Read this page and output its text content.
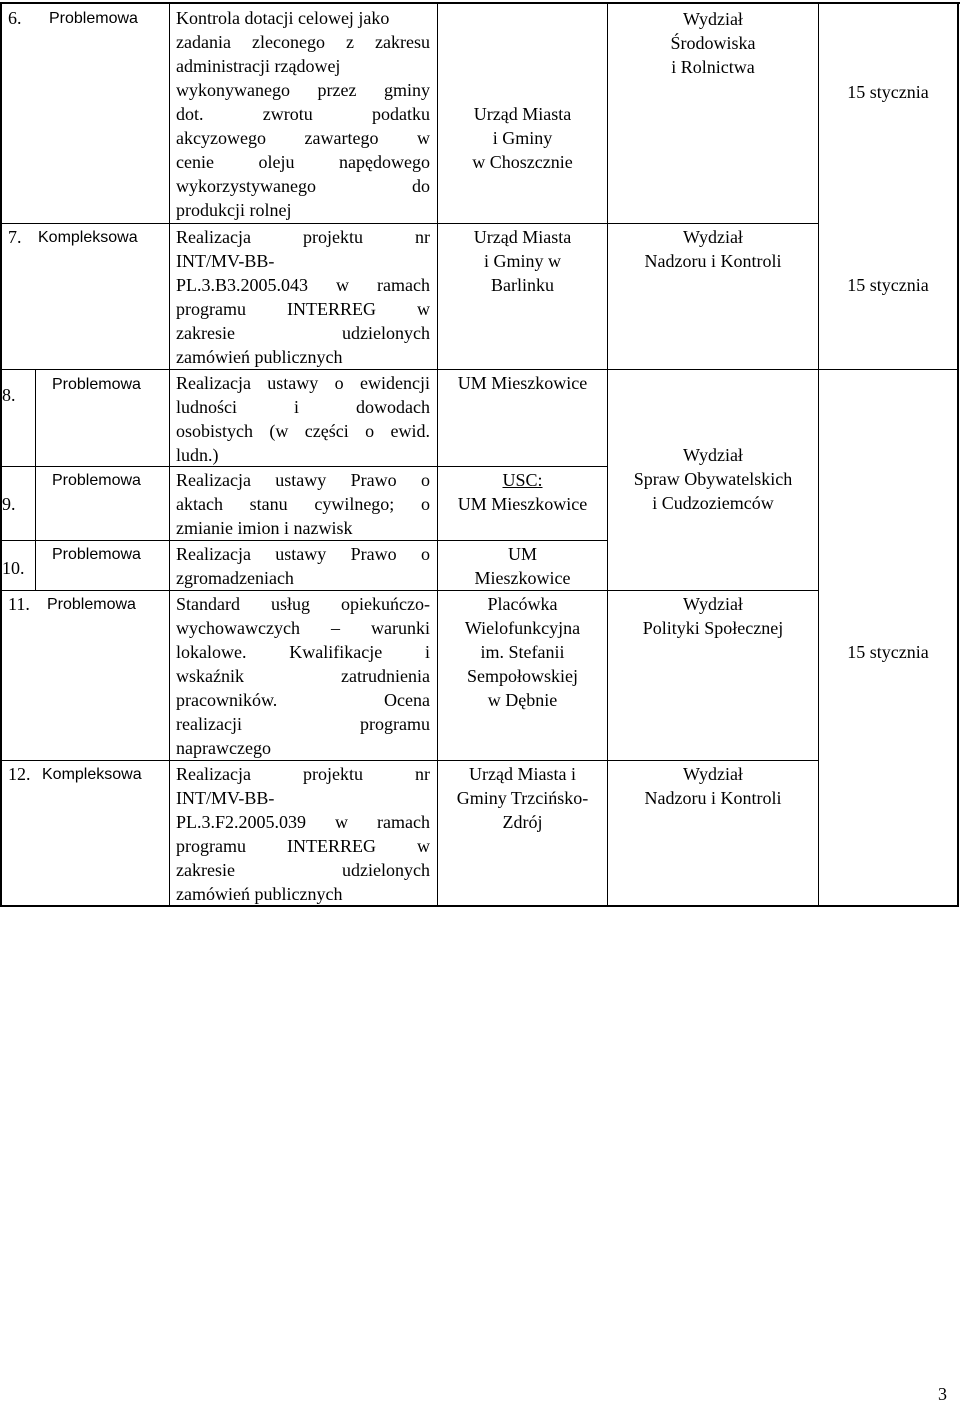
6. Problemowa Kontrola dotacji celowej jako
zadania zleconego z zakresu
administracji rządowej
wykonywanego przez gminy
dot. zwrotu podatku
akcyzowego zawartego w
cenie oleju napędowego
wykorzystywanego do
produkcji rolnej
Urząd Miasta
i Gminy
w Choszcznie
7. Kompleksowa Realizacja projektu nr
INT/MV-BB-
PL.3.B3.2005.043 w ramach
programu INTERREG w
zakresie udzielonych
zamówień publicznych
Urząd Miasta
i Gminy w
Barlinku
8.
Problemowa Realizacja ustawy o ewidencji
ludności i dowodach
osobistych (w części o ewid.
ludn.)
UM Mieszkowice
9.
Problemowa Realizacja ustawy Prawo o
aktach stanu cywilnego; o
zmianie imion i nazwisk
USC:
UM Mieszkowice
10.
Problemowa Realizacja ustawy Prawo o
zgromadzeniach
UM
Mieszkowice
11. Problemowa Standard usług opiekuńczo-
wychowawczych – warunki
lokalowe. Kwalifikacje i
wskaźnik zatrudnienia
pracowników. Ocena
realizacji programu
naprawczego
Placówka
Wielofunkcyjna
im. Stefanii
Sempołowskiej
w Dębnie
12. Kompleksowa Realizacja projektu nr
INT/MV-BB-
PL.3.F2.2005.039 w ramach
programu INTERREG w
zakresie udzielonych
zamówień publicznych
Urząd Miasta i
Gminy Trzcińsko-
Zdrój
Wydział
Środowiska
i Rolnictwa
Wydział
Nadzoru i Kontroli
Wydział
Spraw Obywatelskich
i Cudzoziemców
Wydział
Polityki Społecznej
Wydział
Nadzoru i Kontroli
15 stycznia
15 stycznia
15 stycznia
3
